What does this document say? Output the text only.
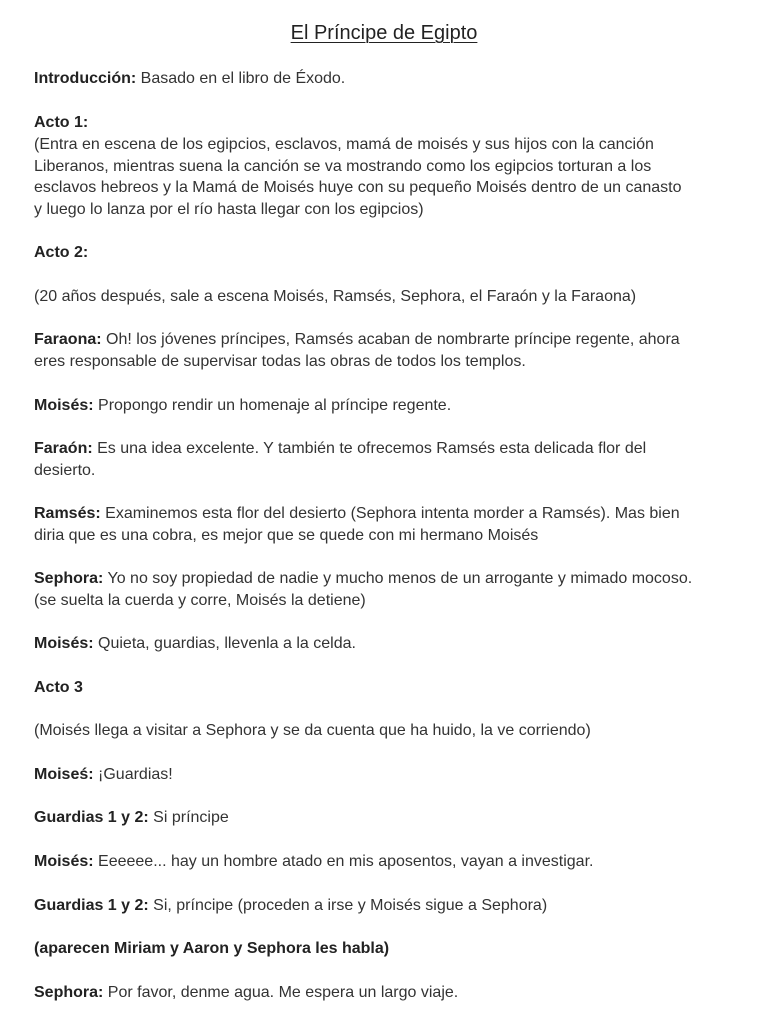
El Príncipe de Egipto
Introducción: Basado en el libro de Éxodo.
Acto 1:
(Entra en escena de los egipcios, esclavos, mamá de moisés y sus hijos con la canción
Liberanos, mientras suena la canción se va mostrando como los egipcios torturan a los
esclavos hebreos y la Mamá de Moisés huye con su pequeño Moisés dentro de un canasto
y luego lo lanza por el río hasta llegar con los egipcios)
Acto 2:
(20 años después, sale a escena Moisés, Ramsés, Sephora, el Faraón y la Faraona)
Faraona: Oh! los jóvenes príncipes, Ramsés acaban de nombrarte príncipe regente, ahora
eres responsable de supervisar todas las obras de todos los templos.
Moisés: Propongo rendir un homenaje al príncipe regente.
Faraón: Es una idea excelente. Y también te ofrecemos Ramsés esta delicada flor del
desierto.
Ramsés: Examinemos esta flor del desierto (Sephora intenta morder a Ramsés). Mas bien
diria que es una cobra, es mejor que se quede con mi hermano Moisés
Sephora: Yo no soy propiedad de nadie y mucho menos de un arrogante y mimado mocoso.
(se suelta la cuerda y corre, Moisés la detiene)
Moisés: Quieta, guardias, llevenla a la celda.
Acto 3
(Moisés llega a visitar a Sephora y se da cuenta que ha huido, la ve corriendo)
Moiseś: ¡Guardias!
Guardias 1 y 2: Si príncipe
Moisés: Eeeeee... hay un hombre atado en mis aposentos, vayan a investigar.
Guardias 1 y 2: Si, príncipe (proceden a irse y Moisés sigue a Sephora)
(aparecen Miriam y Aaron y Sephora les habla)
Sephora: Por favor, denme agua. Me espera un largo viaje.
